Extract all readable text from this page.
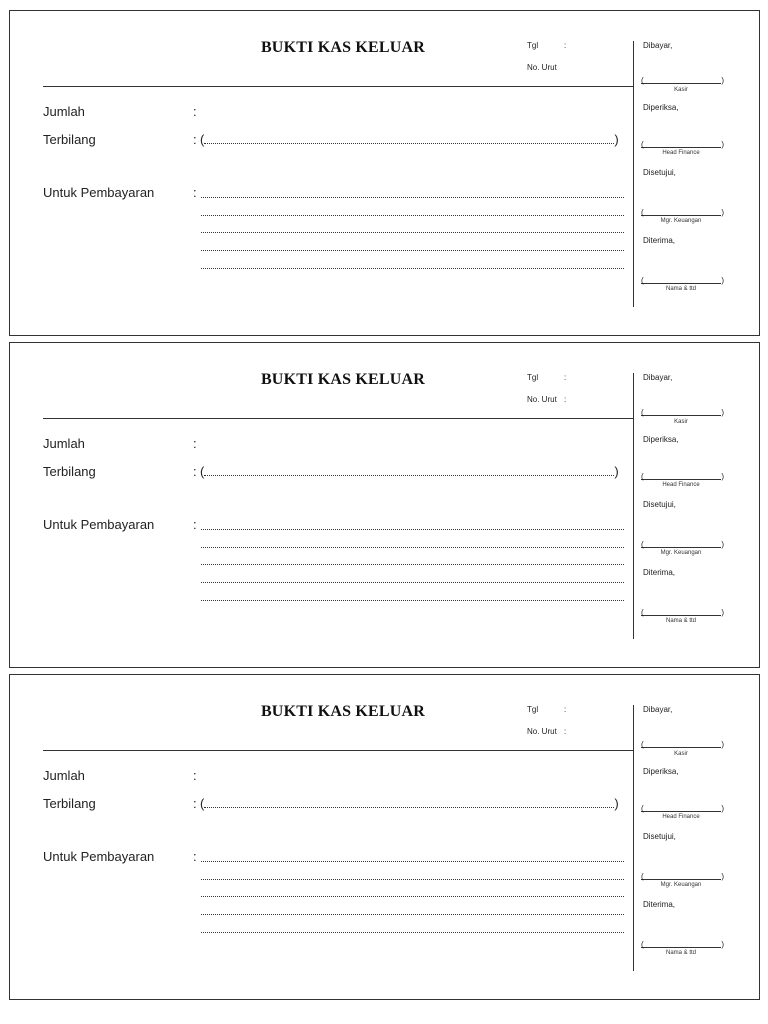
BUKTI KAS KELUAR	Tgl	:
No. Urut
Jumlah	:
Terbilang	: (	)
Untuk Pembayaran	:
Dibayar,
(	)
Kasir
Diperiksa,
(	)
Head Finance
Disetujui,
(	)
Mgr. Keuangan
Diterima,
(	)
Nama & ttd
BUKTI KAS KELUAR	Tgl	:
No. Urut :
Jumlah	:
Terbilang	: (	)
Untuk Pembayaran	:
Dibayar,
(	)
Kasir
Diperiksa,
(	)
Head Finance
Disetujui,
(	)
Mgr. Keuangan
Diterima,
(	)
Nama & ttd
BUKTI KAS KELUAR	Tgl	:
No. Urut :
Jumlah	:
Terbilang	: (	)
Untuk Pembayaran	:
Dibayar,
(	)
Kasir
Diperiksa,
(	)
Head Finance
Disetujui,
(	)
Mgr. Keuangan
Diterima,
(	)
Nama & ttd
